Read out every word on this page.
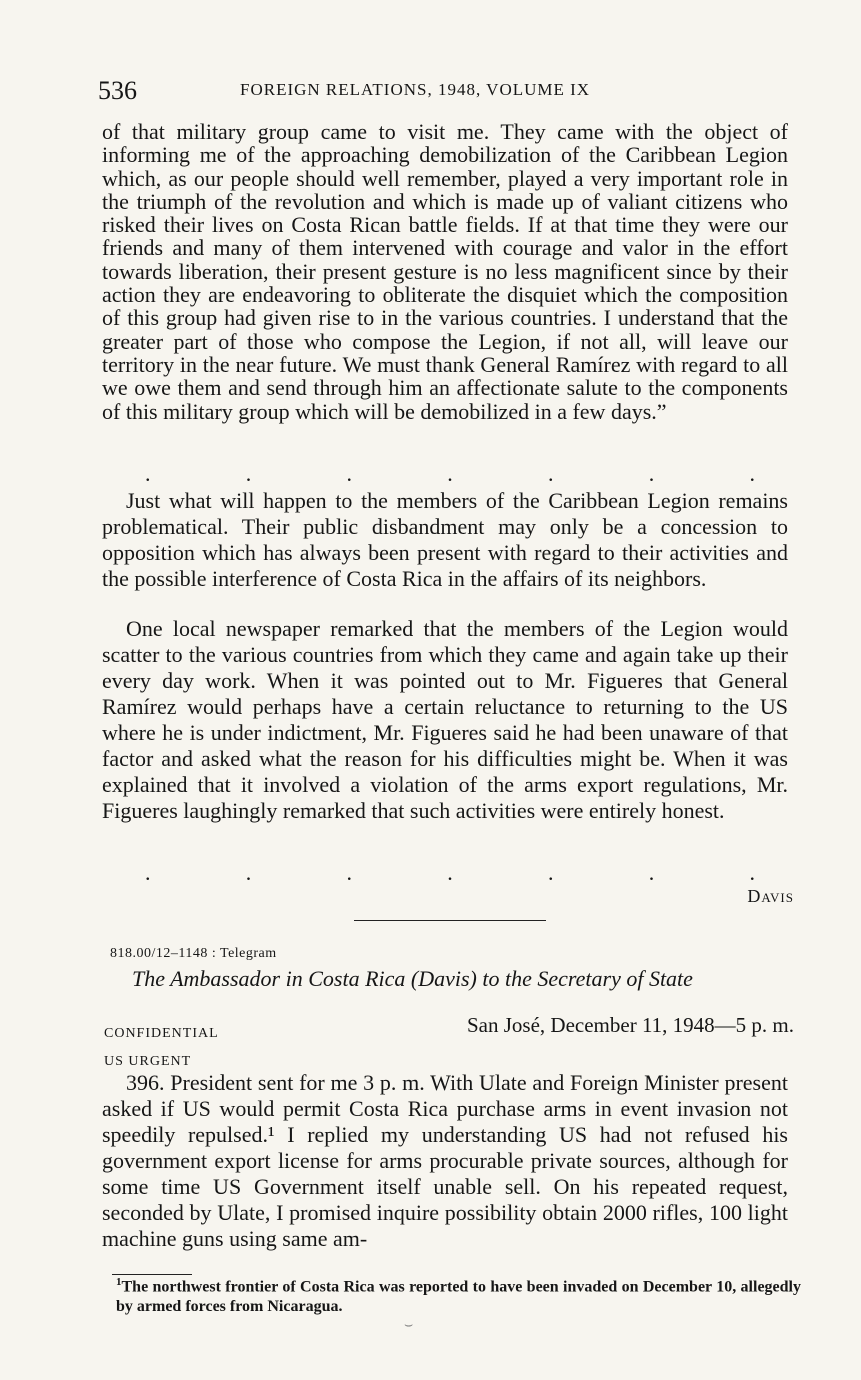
536	FOREIGN RELATIONS, 1948, VOLUME IX

of that military group came to visit me. They came with the object of informing me of the approaching demobilization of the Caribbean Legion which, as our people should well remember, played a very important role in the triumph of the revolution and which is made up of valiant citizens who risked their lives on Costa Rican battle fields. If at that time they were our friends and many of them intervened with courage and valor in the effort towards liberation, their present gesture is no less magnificent since by their action they are endeavoring to obliterate the disquiet which the composition of this group had given rise to in the various countries. I understand that the greater part of those who compose the Legion, if not all, will leave our territory in the near future. We must thank General Ramírez with regard to all we owe them and send through him an affectionate salute to the components of this military group which will be demobilized in a few days.”

.	.	.	.	.	.	.

Just what will happen to the members of the Caribbean Legion remains problematical. Their public disbandment may only be a concession to opposition which has always been present with regard to their activities and the possible interference of Costa Rica in the affairs of its neighbors.

One local newspaper remarked that the members of the Legion would scatter to the various countries from which they came and again take up their every day work. When it was pointed out to Mr. Figueres that General Ramírez would perhaps have a certain reluctance to returning to the US where he is under indictment, Mr. Figueres said he had been unaware of that factor and asked what the reason for his difficulties might be. When it was explained that it involved a violation of the arms export regulations, Mr. Figueres laughingly remarked that such activities were entirely honest.

.	.	.	.	.	.	.
Davis
818.00/12–1148 : Telegram
The Ambassador in Costa Rica (Davis) to the Secretary of State
CONFIDENTIAL	San José, December 11, 1948—5 p. m.
US URGENT

396. President sent for me 3 p. m. With Ulate and Foreign Minister present asked if US would permit Costa Rica purchase arms in event invasion not speedily repulsed.¹ I replied my understanding US had not refused his government export license for arms procurable private sources, although for some time US Government itself unable sell. On his repeated request, seconded by Ulate, I promised inquire possibility obtain 2000 rifles, 100 light machine guns using same am-

$^1$The northwest frontier of Costa Rica was reported to have been invaded on December 10, allegedly by armed forces from Nicaragua.
⌣
